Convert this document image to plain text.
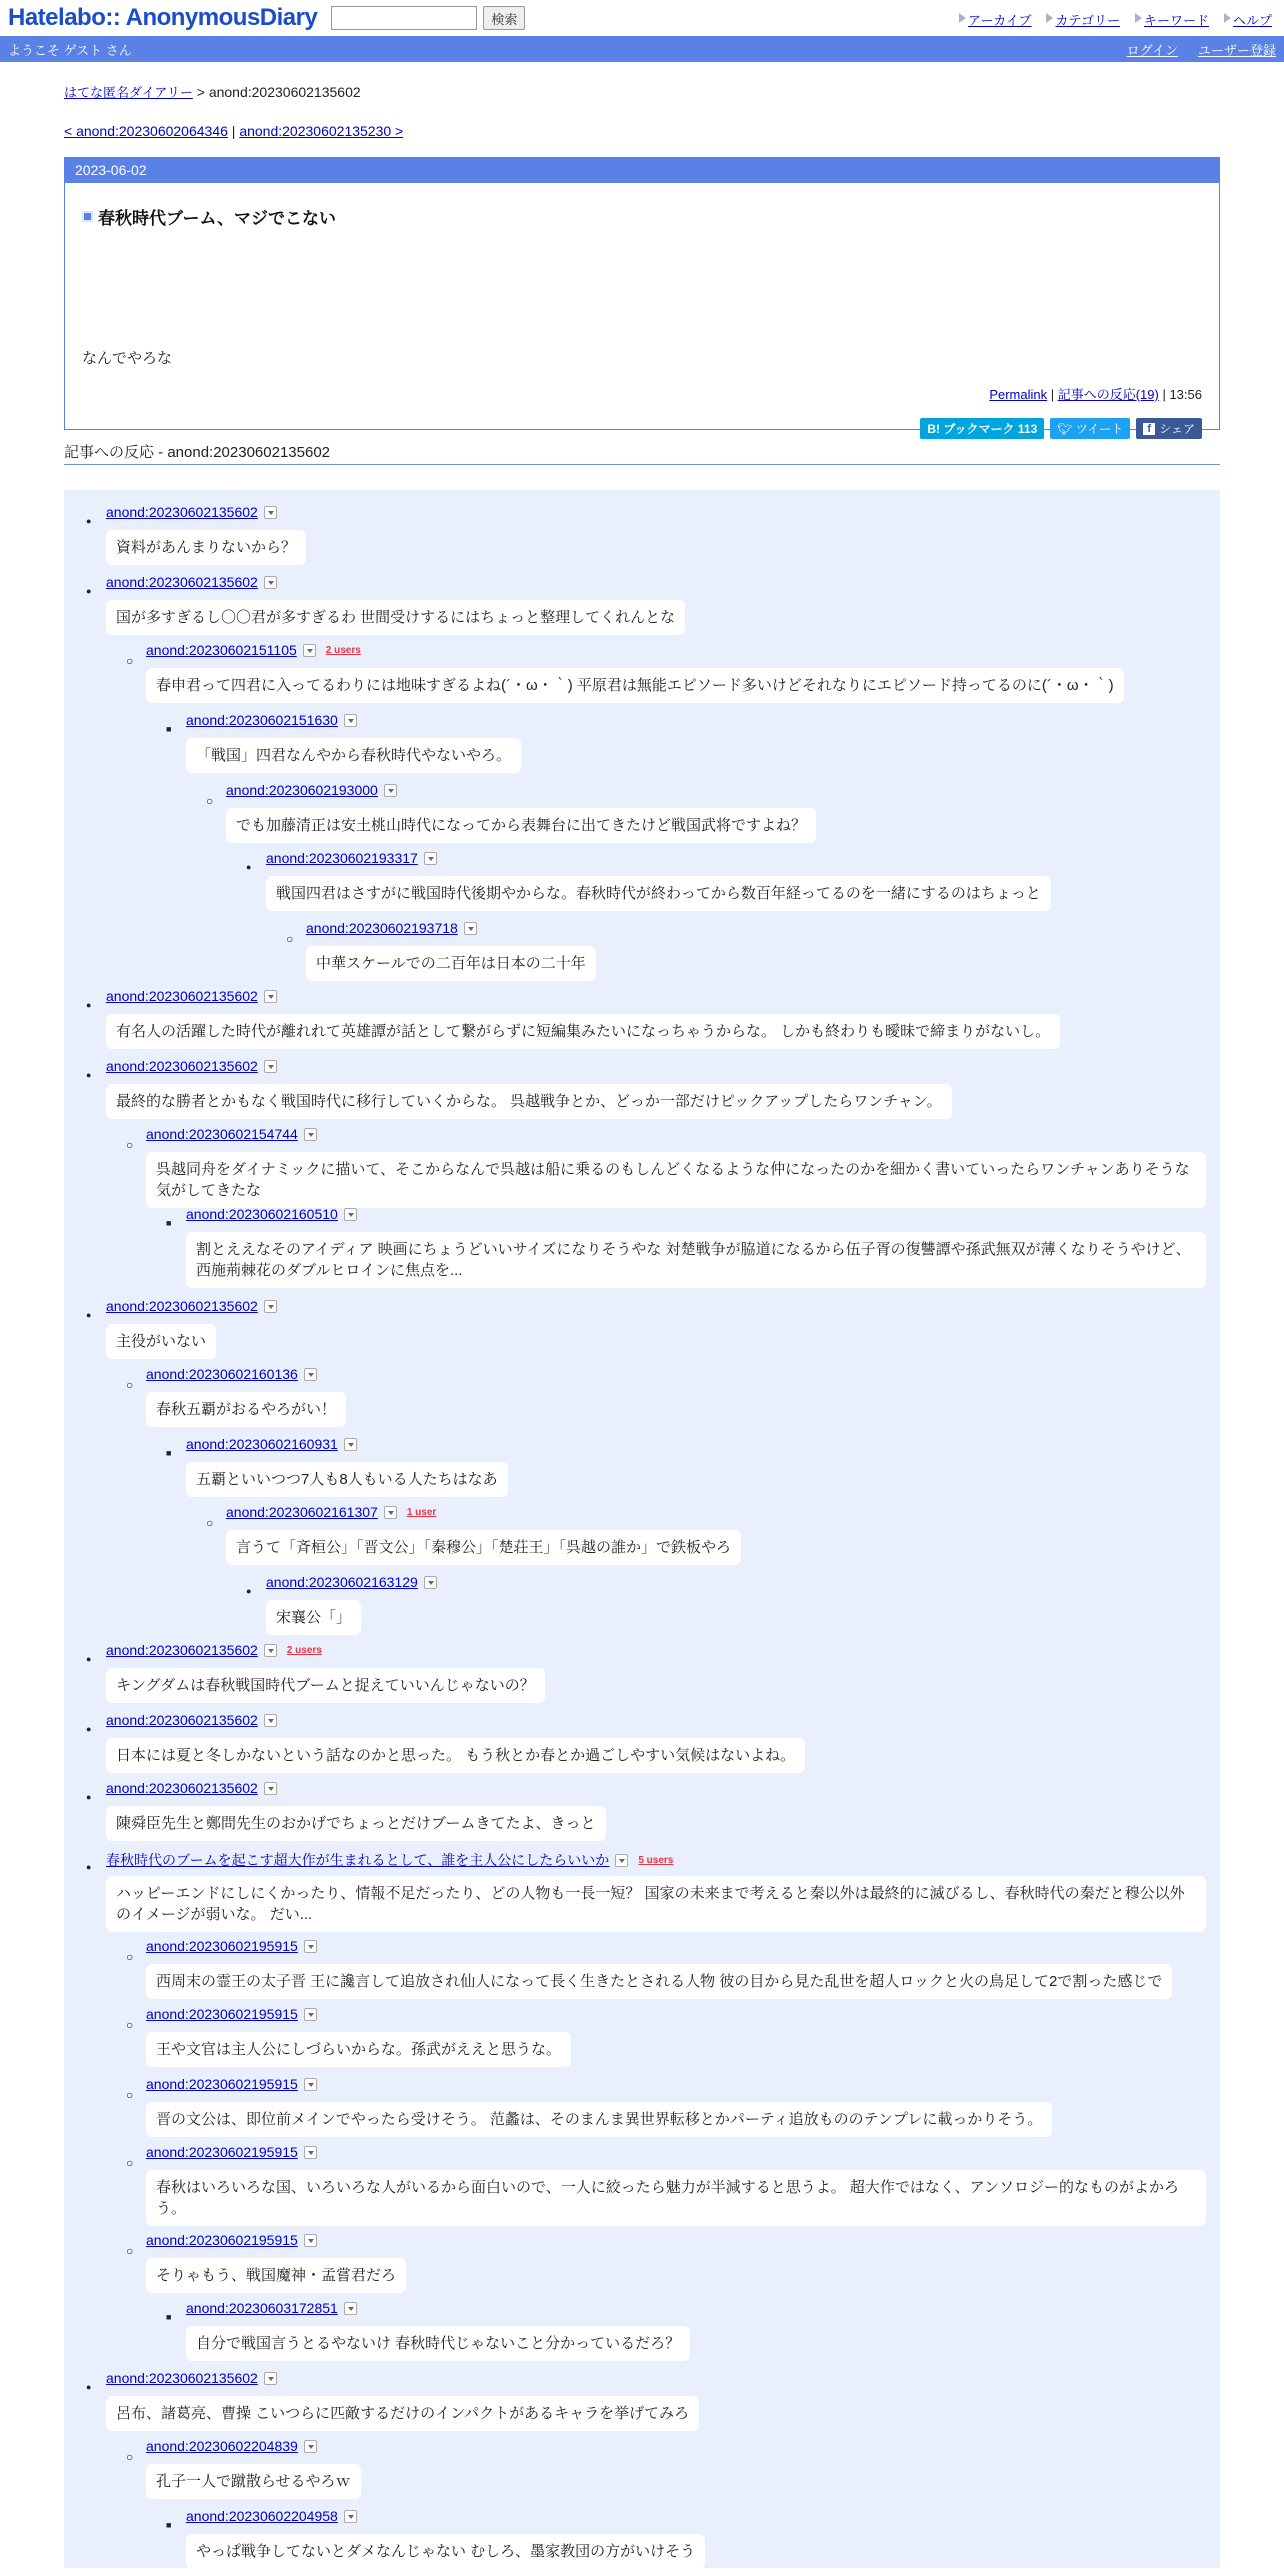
Hatelabo:: AnonymousDiary	検索	アーカイブ	カテゴリー	キーワード	ヘルプ
ようこそ ゲスト さん	ログイン ユーザー登録
はてな匿名ダイアリー > anond:20230602135602
< anond:20230602064346 | anond:20230602135230 >
2023-06-02
春秋時代ブーム、マジでこない
なんでやろな
Permalink | 記事への反応(19) | 13:56
B! ブックマーク 113	🐦︎ ツイート	f シェア
記事への反応 - anond:20230602135602
●
anond:20230602135602
資料があんまりないから？
●
anond:20230602135602
国が多すぎるし〇〇君が多すぎるわ 世間受けするにはちょっと整理してくれんとな
○
anond:20230602151105	2 users
春申君って四君に入ってるわりには地味すぎるよね(´・ω・｀) 平原君は無能エピソード多いけどそれなりにエピソード持ってるのに(´・ω・｀)
■
anond:20230602151630
「戦国」四君なんやから春秋時代やないやろ。
○
anond:20230602193000
でも加藤清正は安土桃山時代になってから表舞台に出てきたけど戦国武将ですよね？
●
anond:20230602193317
戦国四君はさすがに戦国時代後期やからな。春秋時代が終わってから数百年経ってるのを一緒にするのはちょっと
○
anond:20230602193718
中華スケールでの二百年は日本の二十年
●
anond:20230602135602
有名人の活躍した時代が離れれて英雄譚が話として繋がらずに短編集みたいになっちゃうからな。 しかも終わりも曖昧で締まりがないし。
●
anond:20230602135602
最終的な勝者とかもなく戦国時代に移行していくからな。 呉越戦争とか、どっか一部だけピックアップしたらワンチャン。
○
anond:20230602154744
呉越同舟をダイナミックに描いて、そこからなんで呉越は船に乗るのもしんどくなるような仲になったのかを細かく書いていったらワンチャンありそうな気がしてきたな
■
anond:20230602160510
割とええなそのアイディア 映画にちょうどいいサイズになりそうやな 対楚戦争が脇道になるから伍子胥の復讐譚や孫武無双が薄くなりそうやけど、西施荊棘花のダブルヒロインに焦点を...
●
anond:20230602135602
主役がいない
○
anond:20230602160136
春秋五覇がおるやろがい！
■
anond:20230602160931
五覇といいつつ7人も8人もいる人たちはなあ
○
anond:20230602161307	1 user
言うて「斉桓公」「晋文公」「秦穆公」「楚荘王」「呉越の誰か」で鉄板やろ
●
anond:20230602163129
宋襄公「」
●
anond:20230602135602	2 users
キングダムは春秋戦国時代ブームと捉えていいんじゃないの？
●
anond:20230602135602
日本には夏と冬しかないという話なのかと思った。 もう秋とか春とか過ごしやすい気候はないよね。
●
anond:20230602135602
陳舜臣先生と鄭問先生のおかげでちょっとだけブームきてたよ、きっと
● 春秋時代のブームを起こす超大作が生まれるとして、誰を主人公にしたらいいか	5 users
ハッピーエンドにしにくかったり、情報不足だったり、どの人物も一長一短？ 国家の未来まで考えると秦以外は最終的に滅びるし、春秋時代の秦だと穆公以外のイメージが弱いな。 だい...
○
anond:20230602195915
西周末の霊王の太子晋 王に讒言して追放され仙人になって長く生きたとされる人物 彼の目から見た乱世を超人ロックと火の鳥足して2で割った感じで
○
anond:20230602195915
王や文官は主人公にしづらいからな。孫武がええと思うな。
○
anond:20230602195915
晋の文公は、即位前メインでやったら受けそう。 范蠡は、そのまんま異世界転移とかパーティ追放もののテンプレに載っかりそう。
○
anond:20230602195915
春秋はいろいろな国、いろいろな人がいるから面白いので、一人に絞ったら魅力が半減すると思うよ。 超大作ではなく、アンソロジー的なものがよかろう。
○
anond:20230602195915
そりゃもう、戦国魔神・孟嘗君だろ
■
anond:20230603172851
自分で戦国言うとるやないけ 春秋時代じゃないこと分かっているだろ？
●
anond:20230602135602
呂布、諸葛亮、曹操 こいつらに匹敵するだけのインパクトがあるキャラを挙げてみろ
○
anond:20230602204839
孔子一人で蹴散らせるやろｗ
■
anond:20230602204958
やっぱ戦争してないとダメなんじゃない むしろ、墨家教団の方がいけそう
